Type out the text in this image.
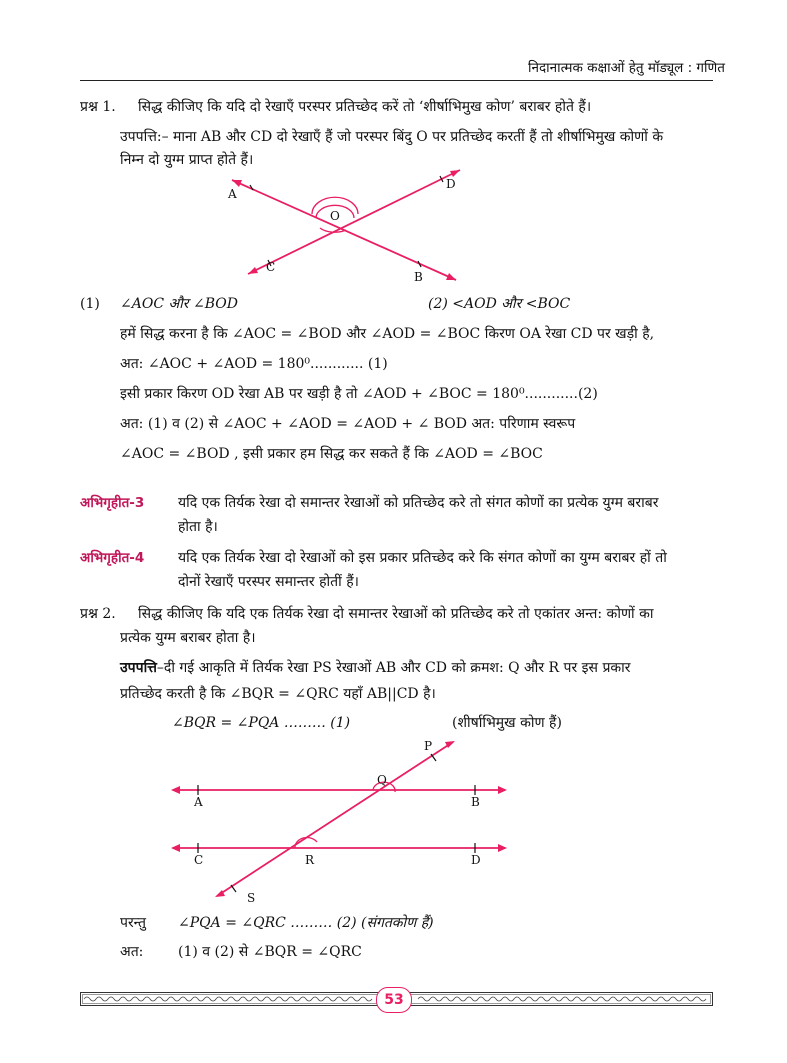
निदानात्मक कक्षाओं हेतु मॉड्यूल : गणित
प्रश्न 1. सिद्ध कीजिए कि यदि दो रेखाएँ परस्पर प्रतिच्छेद करें तो ‘शीर्षाभिमुख कोण’ बराबर होते हैं।
उपपत्ति:– माना AB और CD दो रेखाएँ हैं जो परस्पर बिंदु O पर प्रतिच्छेद करतीं हैं तो शीर्षाभिमुख कोणों के
निम्न दो युग्म प्राप्त होते हैं।
A
D
O
C
B
(1) ∠AOC और ∠BOD	(2) <AOD और <BOC
हमें सिद्ध करना है कि ∠AOC = ∠BOD और ∠AOD = ∠BOC किरण OA रेखा CD पर खड़ी है,
अत: ∠AOC + ∠AOD = 180⁰............ (1)
इसी प्रकार किरण OD रेखा AB पर खड़ी है तो ∠AOD + ∠BOC = 180⁰............(2)
अत: (1) व (2) से ∠AOC + ∠AOD = ∠AOD + ∠ BOD अत: परिणाम स्वरूप
∠AOC = ∠BOD , इसी प्रकार हम सिद्ध कर सकते हैं कि ∠AOD = ∠BOC
अभिगृहीत-3 यदि एक तिर्यक रेखा दो समान्तर रेखाओं को प्रतिच्छेद करे तो संगत कोणों का प्रत्येक युग्म बराबर
होता है।
अभिगृहीत-4 यदि एक तिर्यक रेखा दो रेखाओं को इस प्रकार प्रतिच्छेद करे कि संगत कोणों का युग्म बराबर हों तो
दोनों रेखाएँ परस्पर समान्तर होतीं हैं।
प्रश्न 2. सिद्ध कीजिए कि यदि एक तिर्यक रेखा दो समान्तर रेखाओं को प्रतिच्छेद करे तो एकांतर अन्त: कोणों का
प्रत्येक युग्म बराबर होता है।
उपपत्ति–दी गई आकृति में तिर्यक रेखा PS रेखाओं AB और CD को क्रमश: Q और R पर इस प्रकार
प्रतिच्छेद करती है कि ∠BQR = ∠QRC यहाँ AB||CD है।
∠BQR = ∠PQA ……… (1)	(शीर्षाभिमुख कोण हैं)
P
Q
A	B
C	R	D
S
परन्तु ∠PQA = ∠QRC ……… (2) (संगतकोण हैं)
अत: (1) व (2) से ∠BQR = ∠QRC
53
